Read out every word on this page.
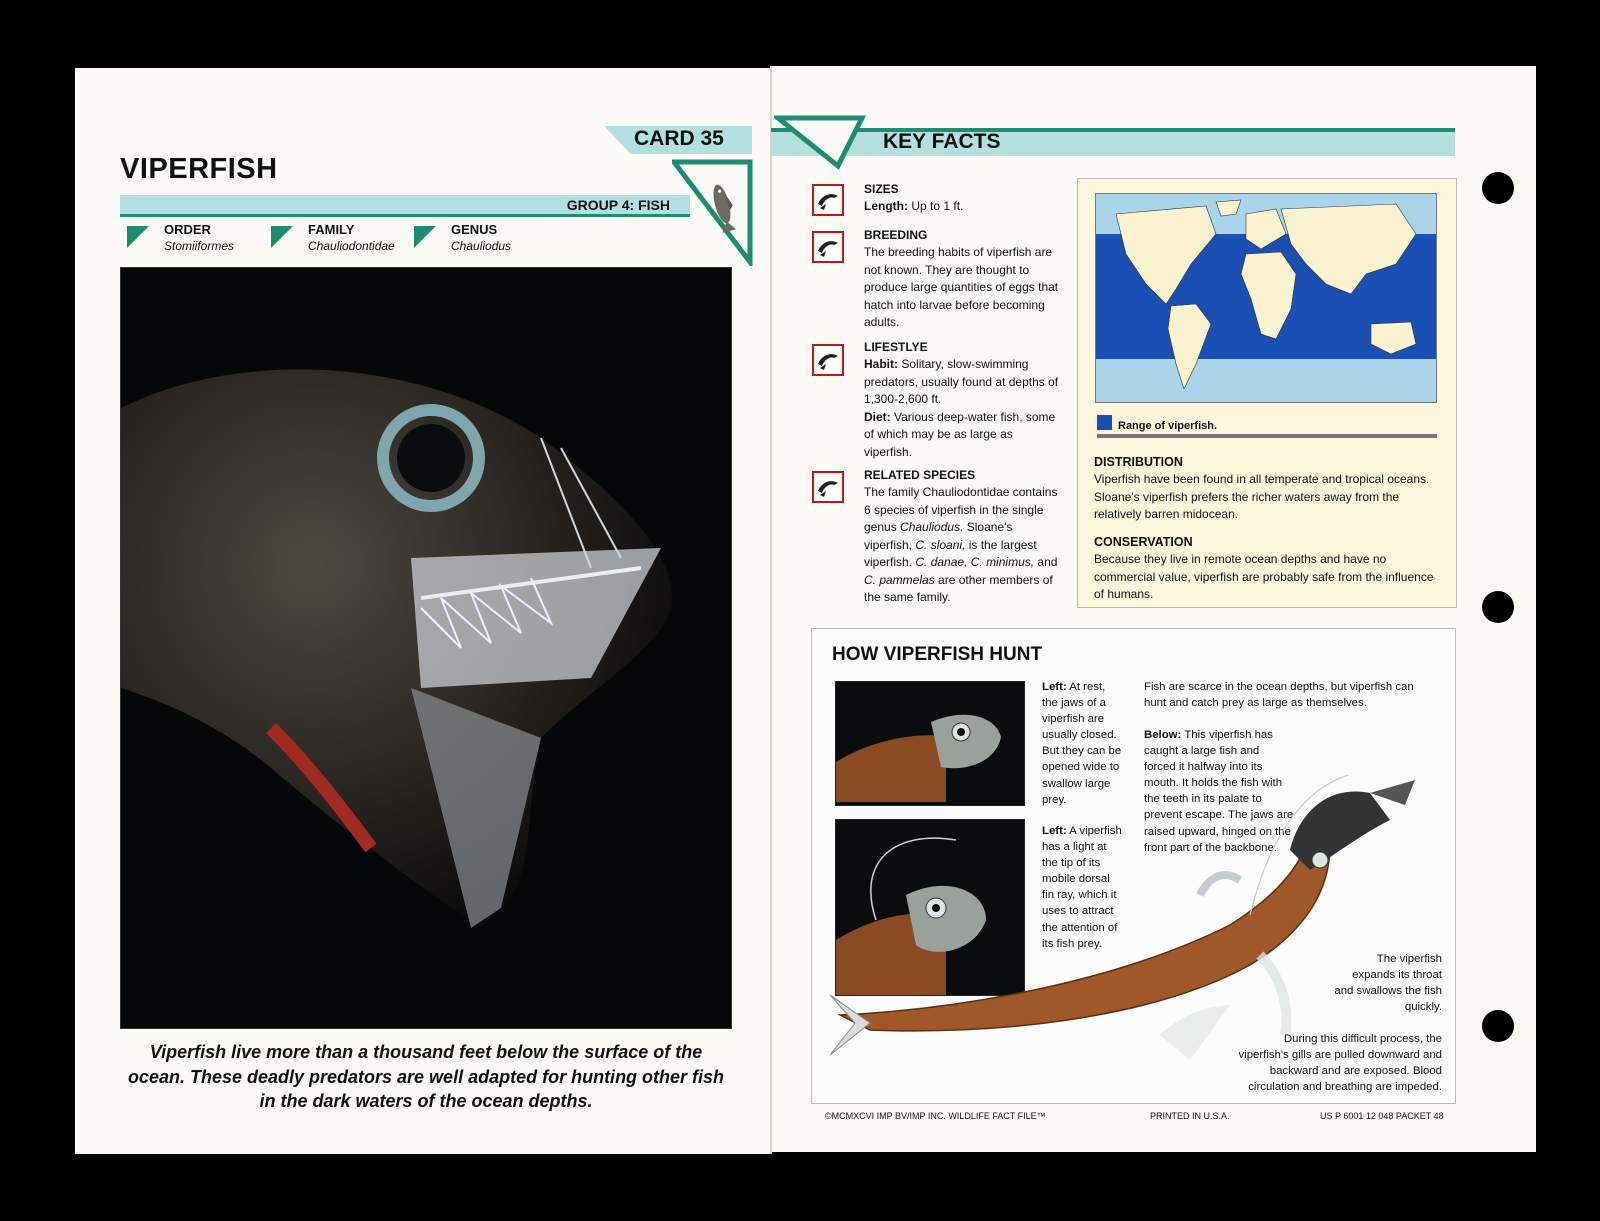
CARD 35
VIPERFISH
GROUP 4: FISH
ORDER
Stomiiformes
FAMILY
Chauliodontidae
GENUS
Chauliodus
Viperfish live more than a thousand feet below the surface of the ocean. These deadly predators are well adapted for hunting other fish in the dark waters of the ocean depths.
KEY FACTS
SIZES
Length: Up to 1 ft.
BREEDING
The breeding habits of viperfish are not known. They are thought to produce large quantities of eggs that hatch into larvae before becoming adults.
LIFESTLYE
Habit: Solitary, slow-swimming predators, usually found at depths of 1,300-2,600 ft.
Diet: Various deep-water fish, some of which may be as large as viperfish.
RELATED SPECIES
The family Chauliodontidae contains 6 species of viperfish in the single genus Chauliodus. Sloane's viperfish, C. sloani, is the largest viperfish. C. danae, C. minimus, and C. pammelas are other members of the same family.
Range of viperfish.
DISTRIBUTION
Viperfish have been found in all temperate and tropical oceans. Sloane's viperfish prefers the richer waters away from the relatively barren midocean.
CONSERVATION
Because they live in remote ocean depths and have no commercial value, viperfish are probably safe from the influence of humans.
HOW VIPERFISH HUNT
Left: At rest, the jaws of a viperfish are usually closed. But they can be opened wide to swallow large prey.
Left: A viperfish has a light at the tip of its mobile dorsal fin ray, which it uses to attract the attention of its fish prey.
Fish are scarce in the ocean depths, but viperfish can hunt and catch prey as large as themselves.
Below: This viperfish has caught a large fish and forced it halfway into its mouth. It holds the fish with the teeth in its palate to prevent escape. The jaws are raised upward, hinged on the front part of the backbone.
The viperfish expands its throat and swallows the fish quickly.
During this difficult process, the viperfish's gills are pulled downward and backward and are exposed. Blood circulation and breathing are impeded.
©MCMXCVI IMP BV/IMP INC. WILDLIFE FACT FILE™	PRINTED IN U.S.A.	US P 6001 12 048 PACKET 48
